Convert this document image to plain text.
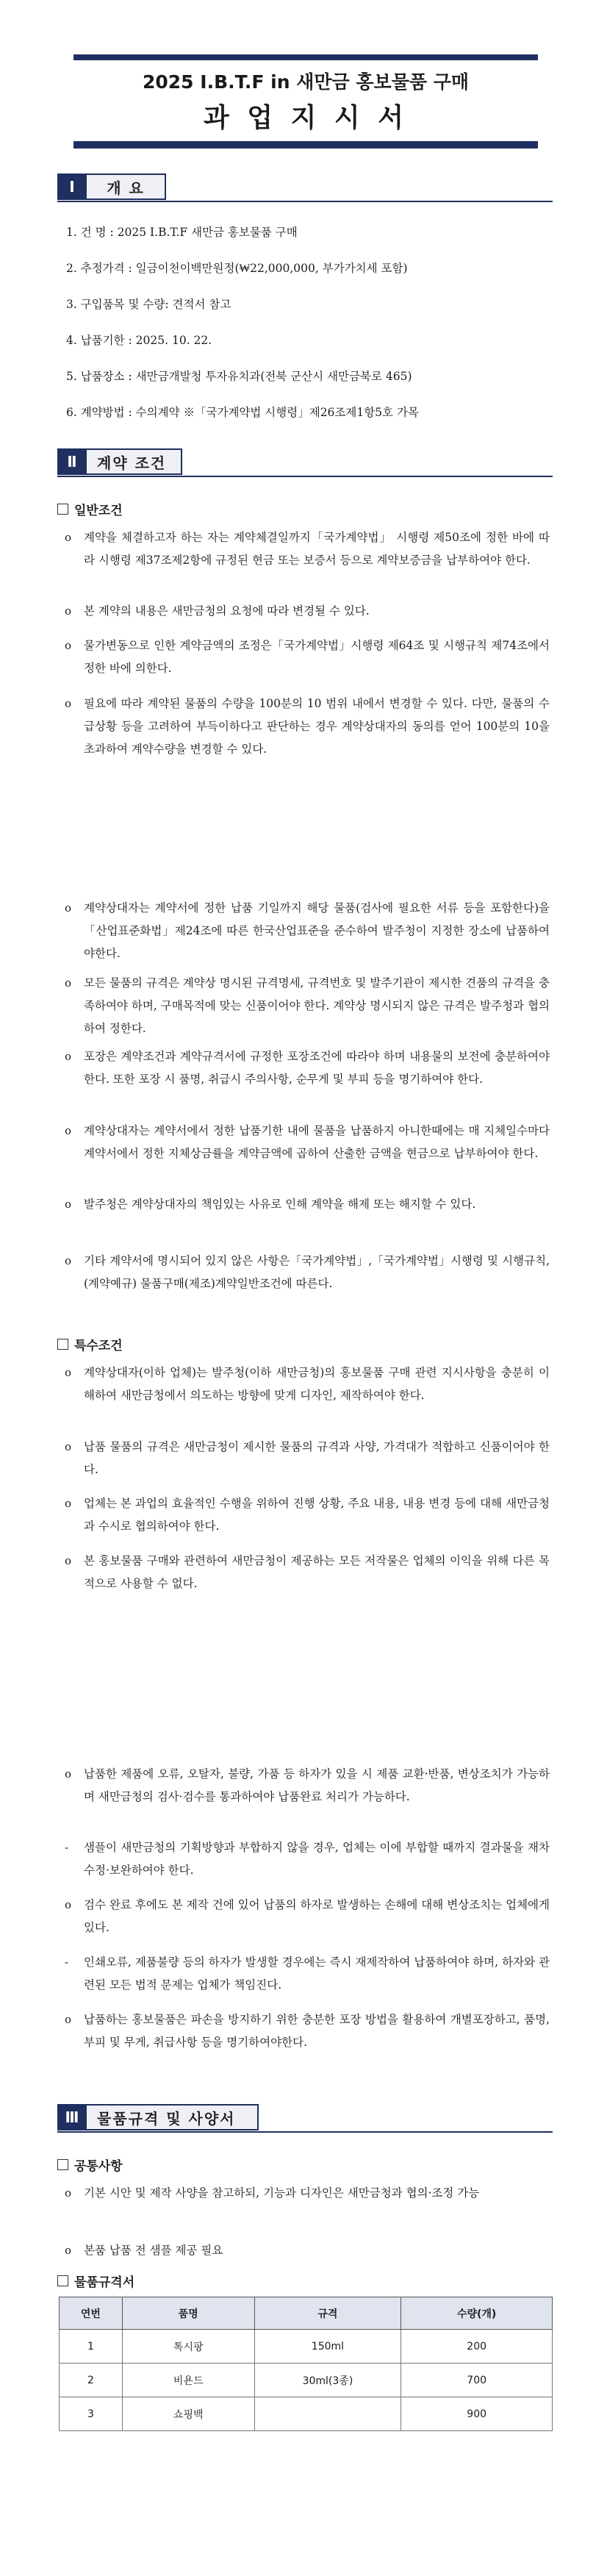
2025 I.B.T.F in 새만금 홍보물품 구매
과 업 지 시 서
Ⅰ	개 요
1. 건 명 : 2025 I.B.T.F 새만금 홍보물품 구매
2. 추정가격 : 일금이천이백만원정(₩22,000,000, 부가가치세 포함)
3. 구입품목 및 수량: 견적서 참고
4. 납품기한 : 2025. 10. 22.
5. 납품장소 : 새만금개발청 투자유치과(전북 군산시 새만금북로 465)
6. 계약방법 : 수의계약 ※「국가계약법 시행령」제26조제1항5호 가목
Ⅱ	계약 조건
일반조건
o 계약을 체결하고자 하는 자는 계약체결일까지「국가계약법」 시행령 제50조에 정한 바에 따라 시행령 제37조제2항에 규정된 현금 또는 보증서 등으로 계약보증금을 납부하여야 한다.
o 본 계약의 내용은 새만금청의 요청에 따라 변경될 수 있다.
o 물가변동으로 인한 계약금액의 조정은「국가계약법」시행령 제64조 및 시행규칙 제74조에서 정한 바에 의한다.
o 필요에 따라 계약된 물품의 수량을 100분의 10 범위 내에서 변경할 수 있다. 다만, 물품의 수급상황 등을 고려하여 부득이하다고 판단하는 경우 계약상대자의 동의를 얻어 100분의 10을 초과하여 계약수량을 변경할 수 있다.
o 계약상대자는 계약서에 정한 납품 기일까지 해당 물품(검사에 필요한 서류 등을 포함한다)을「산업표준화법」제24조에 따른 한국산업표준을 준수하여 발주청이 지정한 장소에 납품하여야한다.
o 모든 물품의 규격은 계약상 명시된 규격명세, 규격번호 및 발주기관이 제시한 견품의 규격을 충족하여야 하며, 구매목적에 맞는 신품이어야 한다. 계약상 명시되지 않은 규격은 발주청과 협의하여 정한다.
o 포장은 계약조건과 계약규격서에 규정한 포장조건에 따라야 하며 내용물의 보전에 충분하여야 한다. 또한 포장 시 품명, 취급시 주의사항, 순무게 및 부피 등을 명기하여야 한다.
o 계약상대자는 계약서에서 정한 납품기한 내에 물품을 납품하지 아니한때에는 매 지체일수마다 계약서에서 정한 지체상금률을 계약금액에 곱하여 산출한 금액을 현금으로 납부하여야 한다.
o 발주청은 계약상대자의 책임있는 사유로 인해 계약을 해제 또는 해지할 수 있다.
o 기타 계약서에 명시되어 있지 않은 사항은「국가계약법」,「국가계약법」시행령 및 시행규칙, (계약예규) 물품구매(제조)계약일반조건에 따른다.
특수조건
o 계약상대자(이하 업체)는 발주청(이하 새만금청)의 홍보물품 구매 관련 지시사항을 충분히 이해하여 새만금청에서 의도하는 방향에 맞게 디자인, 제작하여야 한다.
o 납품 물품의 규격은 새만금청이 제시한 물품의 규격과 사양, 가격대가 적합하고 신품이어야 한다.
o 업체는 본 과업의 효율적인 수행을 위하여 진행 상황, 주요 내용, 내용 변경 등에 대해 새만금청과 수시로 협의하여야 한다.
o 본 홍보물품 구매와 관련하여 새만금청이 제공하는 모든 저작물은 업체의 이익을 위해 다른 목적으로 사용할 수 없다.
o 납품한 제품에 오류, 오탈자, 불량, 가품 등 하자가 있을 시 제품 교환·반품, 변상조치가 가능하며 새만금청의 검사·검수를 통과하여야 납품완료 처리가 가능하다.
- 샘플이 새만금청의 기획방향과 부합하지 않을 경우, 업체는 이에 부합할 때까지 결과물을 재차 수정·보완하여야 한다.
o 검수 완료 후에도 본 제작 건에 있어 납품의 하자로 발생하는 손해에 대해 변상조치는 업체에게 있다.
- 인쇄오류, 제품불량 등의 하자가 발생할 경우에는 즉시 재제작하여 납품하여야 하며, 하자와 관련된 모든 법적 문제는 업체가 책임진다.
o 납품하는 홍보물품은 파손을 방지하기 위한 충분한 포장 방법을 활용하여 개별포장하고, 품명, 부피 및 무게, 취급사항 등을 명기하여야한다.
Ⅲ	물품규격 및 사양서
공통사항
o 기본 시안 및 제작 사양을 참고하되, 기능과 디자인은 새만금청과 협의·조정 가능
o 본품 납품 전 샘플 제공 필요
물품규격서
연번	품명	규격	수량(개)
1	톡시팡	150ml	200
2	비욘드	30ml(3종)	700
3	쇼핑백		900
